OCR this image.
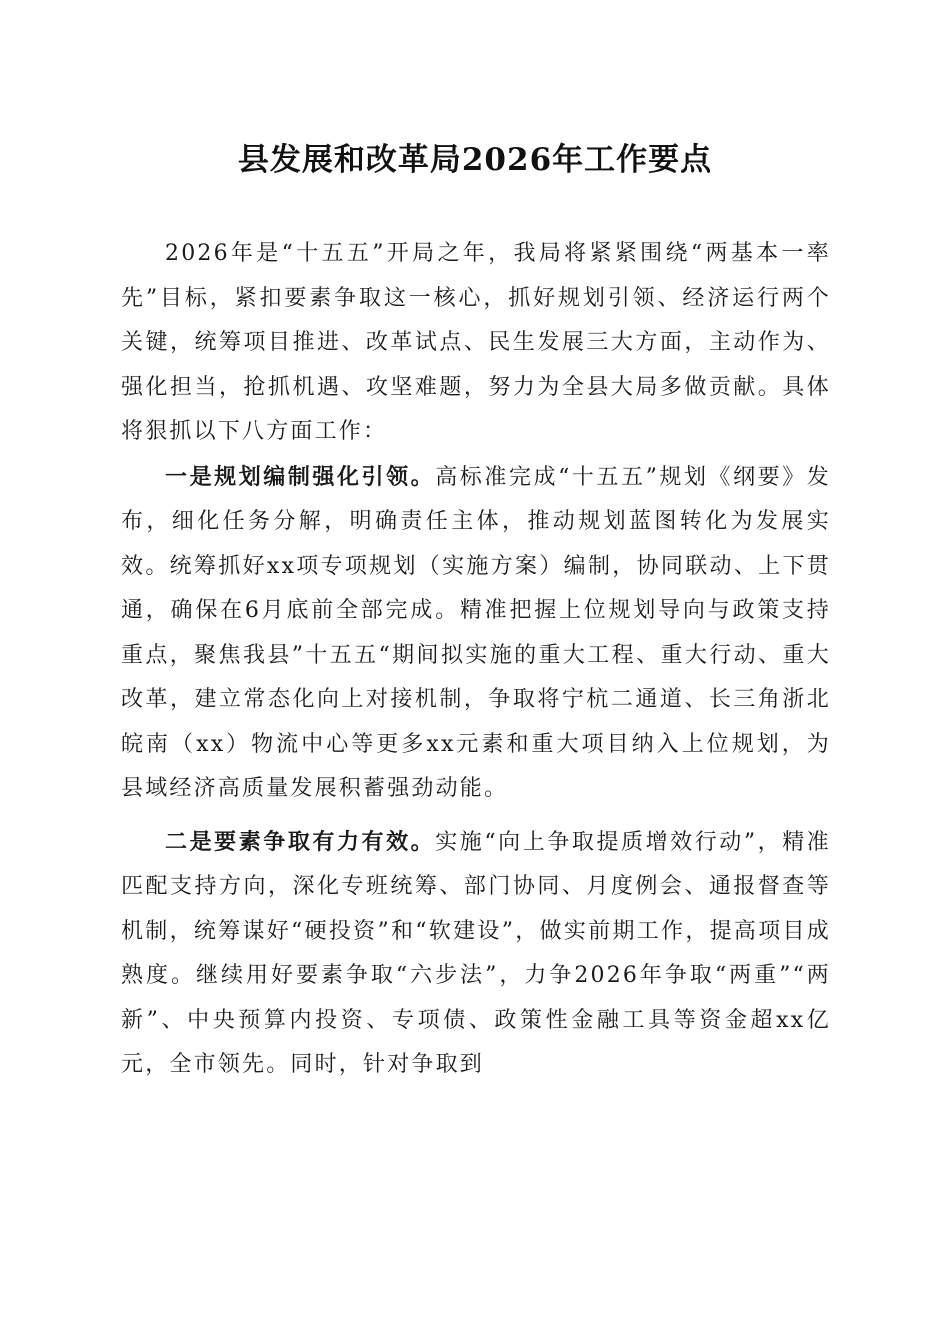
县发展和改革局2026年工作要点

2026年是“十五五”开局之年，我局将紧紧围绕“两基本一率先”目标，紧扣要素争取这一核心，抓好规划引领、经济运行两个关键，统筹项目推进、改革试点、民生发展三大方面，主动作为、强化担当，抢抓机遇、攻坚难题，努力为全县大局多做贡献。具体将狠抓以下八方面工作：

一是规划编制强化引领。高标准完成“十五五”规划《纲要》发布，细化任务分解，明确责任主体，推动规划蓝图转化为发展实效。统筹抓好xx项专项规划（实施方案）编制，协同联动、上下贯通，确保在6月底前全部完成。精准把握上位规划导向与政策支持重点，聚焦我县”十五五“期间拟实施的重大工程、重大行动、重大改革，建立常态化向上对接机制，争取将宁杭二通道、长三角浙北皖南（xx）物流中心等更多xx元素和重大项目纳入上位规划，为县域经济高质量发展积蓄强劲动能。

二是要素争取有力有效。实施“向上争取提质增效行动”，精准匹配支持方向，深化专班统筹、部门协同、月度例会、通报督查等机制，统筹谋好“硬投资”和“软建设”，做实前期工作，提高项目成熟度。继续用好要素争取“六步法”，力争2026年争取“两重”“两新”、中央预算内投资、专项债、政策性金融工具等资金超xx亿元，全市领先。同时，针对争取到
